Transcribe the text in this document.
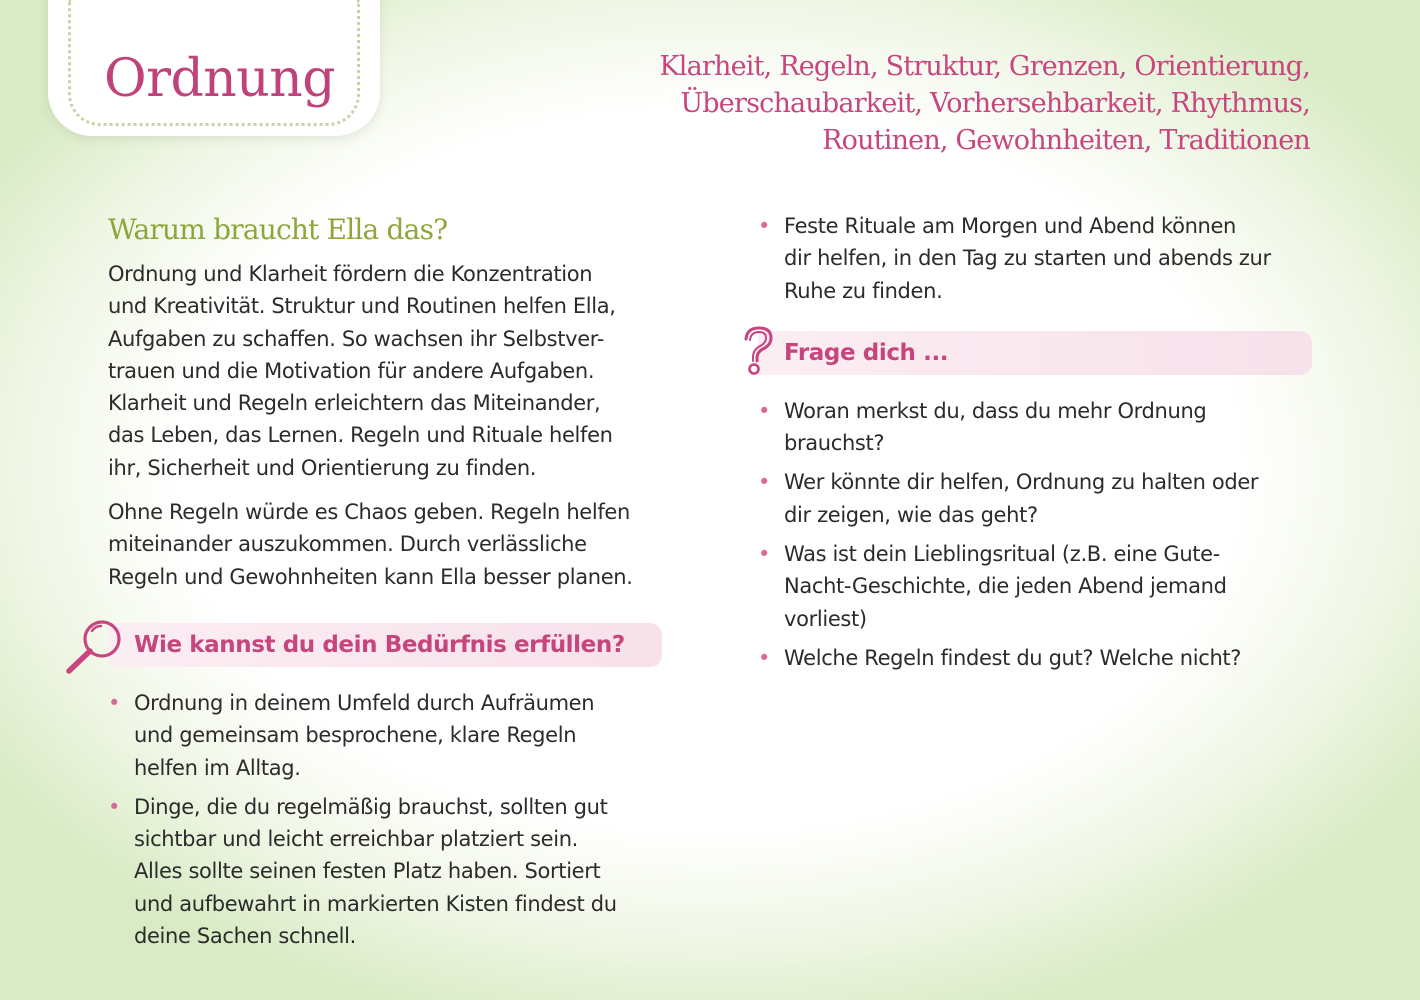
Ordnung	Klarheit, Regeln, Struktur, Grenzen, Orientierung,
Überschaubarkeit, Vorhersehbarkeit, Rhythmus,
Routinen, Gewohnheiten, Traditionen
Warum braucht Ella das?

Ordnung und Klarheit fördern die Konzentration
und Kreativität. Struktur und Routinen helfen Ella,
Aufgaben zu schaffen. So wachsen ihr Selbstver-
trauen und die Motivation für andere Aufgaben.
Klarheit und Regeln erleichtern das Miteinander,
das Leben, das Lernen. Regeln und Rituale helfen
ihr, Sicherheit und Orientierung zu finden.

Ohne Regeln würde es Chaos geben. Regeln helfen
miteinander auszukommen. Durch verlässliche
Regeln und Gewohnheiten kann Ella besser planen.

Wie kannst du dein Bedürfnis erfüllen?
• Ordnung in deinem Umfeld durch Aufräumen
und gemeinsam besprochene, klare Regeln
helfen im Alltag.
• Dinge, die du regelmäßig brauchst, sollten gut
sichtbar und leicht erreichbar platziert sein.
Alles sollte seinen festen Platz haben. Sortiert
und aufbewahrt in markierten Kisten findest du
deine Sachen schnell.
• Feste Rituale am Morgen und Abend können
dir helfen, in den Tag zu starten und abends zur
Ruhe zu finden.
Frage dich ...
• Woran merkst du, dass du mehr Ordnung
brauchst?
• Wer könnte dir helfen, Ordnung zu halten oder
dir zeigen, wie das geht?
• Was ist dein Lieblingsritual (z.B. eine Gute-
Nacht-Geschichte, die jeden Abend jemand
vorliest)
• Welche Regeln findest du gut? Welche nicht?
